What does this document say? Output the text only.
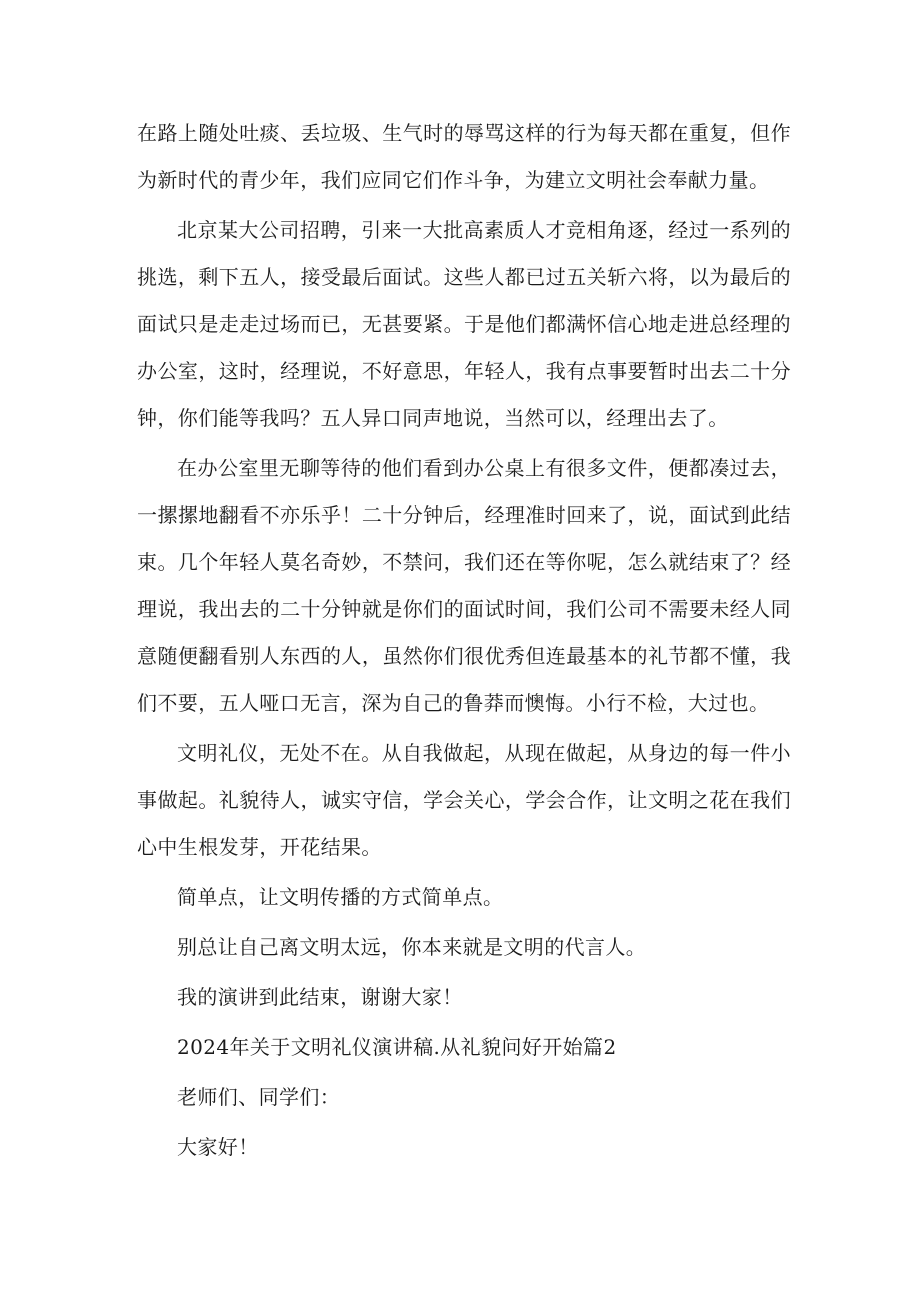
在路上随处吐痰、丢垃圾、生气时的辱骂这样的行为每天都在重复，但作为新时代的青少年，我们应同它们作斗争，为建立文明社会奉献力量。

北京某大公司招聘，引来一大批高素质人才竞相角逐，经过一系列的挑选，剩下五人，接受最后面试。这些人都已过五关斩六将，以为最后的面试只是走走过场而已，无甚要紧。于是他们都满怀信心地走进总经理的办公室，这时，经理说，不好意思，年轻人，我有点事要暂时出去二十分钟，你们能等我吗？五人异口同声地说，当然可以，经理出去了。

在办公室里无聊等待的他们看到办公桌上有很多文件，便都凑过去，一摞摞地翻看不亦乐乎！二十分钟后，经理准时回来了，说，面试到此结束。几个年轻人莫名奇妙，不禁问，我们还在等你呢，怎么就结束了？经理说，我出去的二十分钟就是你们的面试时间，我们公司不需要未经人同意随便翻看别人东西的人，虽然你们很优秀但连最基本的礼节都不懂，我们不要，五人哑口无言，深为自己的鲁莽而懊悔。小行不检，大过也。

文明礼仪，无处不在。从自我做起，从现在做起，从身边的每一件小事做起。礼貌待人，诚实守信，学会关心，学会合作，让文明之花在我们心中生根发芽，开花结果。

简单点，让文明传播的方式简单点。

别总让自己离文明太远，你本来就是文明的代言人。

我的演讲到此结束，谢谢大家！

2024年关于文明礼仪演讲稿.从礼貌问好开始篇2

老师们、同学们：

大家好！
